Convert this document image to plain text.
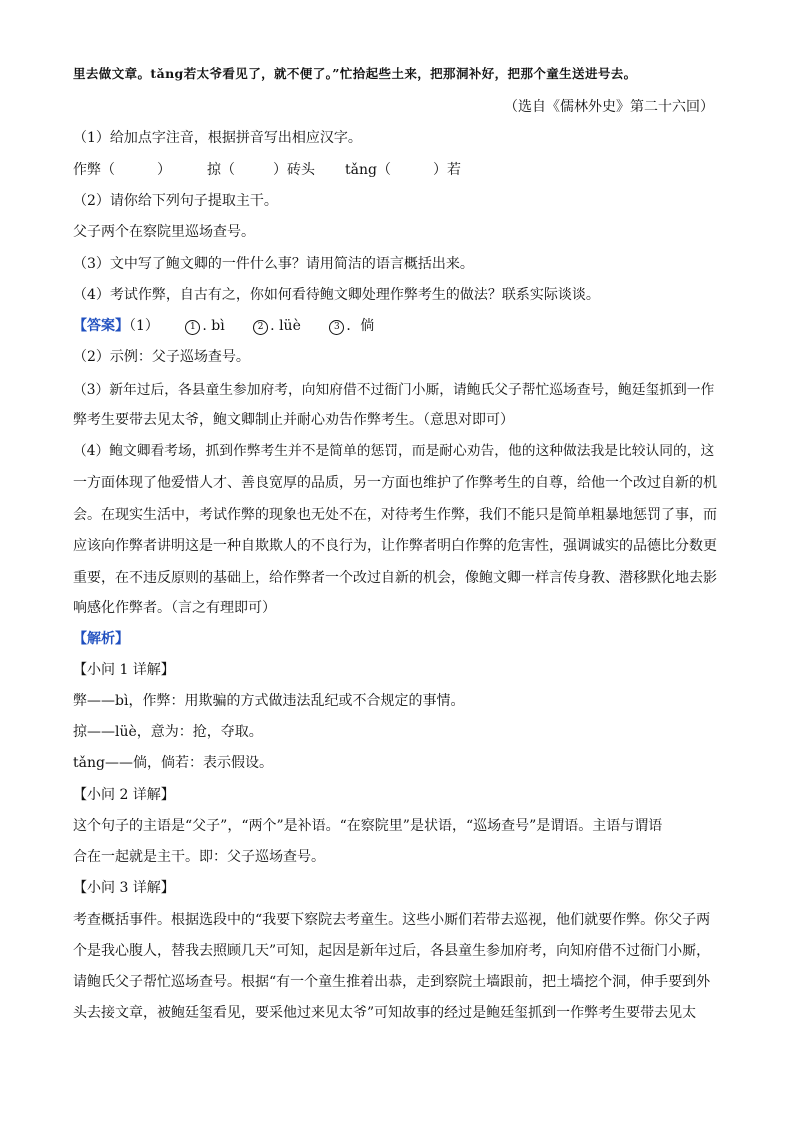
里去做文章。tǎng若太爷看见了，就不便了。”忙拾起些土来，把那洞补好，把那个童生送进号去。
（选自《儒林外史》第二十六回）
（1）给加点字注音，根据拼音写出相应汉字。
作弊（	）	掠（	）砖头 tǎng（	）若
（2）请你给下列句子提取主干。
父子两个在察院里巡场查号。
（3）文中写了鲍文卿的一件什么事？请用简洁的语言概括出来。
（4）考试作弊，自古有之，你如何看待鲍文卿处理作弊考生的做法？联系实际谈谈。
【答案】（1）	1 . bì	2 . lüè	3 ．倘
（2）示例：父子巡场查号。
（3）新年过后，各县童生参加府考，向知府借不过衙门小厮，请鲍氏父子帮忙巡场查号，鲍廷玺抓到一作
弊考生要带去见太爷，鲍文卿制止并耐心劝告作弊考生。（意思对即可）
（4）鲍文卿看考场，抓到作弊考生并不是简单的惩罚，而是耐心劝告，他的这种做法我是比较认同的，这
一方面体现了他爱惜人才、善良宽厚的品质，另一方面也维护了作弊考生的自尊，给他一个改过自新的机
会。在现实生活中，考试作弊的现象也无处不在，对待考生作弊，我们不能只是简单粗暴地惩罚了事，而
应该向作弊者讲明这是一种自欺欺人的不良行为，让作弊者明白作弊的危害性，强调诚实的品德比分数更
重要，在不违反原则的基础上，给作弊者一个改过自新的机会，像鲍文卿一样言传身教、潜移默化地去影
响感化作弊者。（言之有理即可）
【解析】
【小问 1 详解】
弊——bì，作弊：用欺骗的方式做违法乱纪或不合规定的事情。
掠——lüè，意为：抢，夺取。
tǎng——倘，倘若：表示假设。
【小问 2 详解】
这个句子的主语是“父子”，“两个”是补语。“在察院里”是状语，“巡场查号”是谓语。主语与谓语
合在一起就是主干。即：父子巡场查号。
【小问 3 详解】
考查概括事件。根据选段中的“我要下察院去考童生。这些小厮们若带去巡视，他们就要作弊。你父子两
个是我心腹人，替我去照顾几天”可知，起因是新年过后，各县童生参加府考，向知府借不过衙门小厮，
请鲍氏父子帮忙巡场查号。根据“有一个童生推着出恭，走到察院土墙跟前，把土墙挖个洞，伸手要到外
头去接文章，被鲍廷玺看见，要采他过来见太爷”可知故事的经过是鲍廷玺抓到一作弊考生要带去见太
